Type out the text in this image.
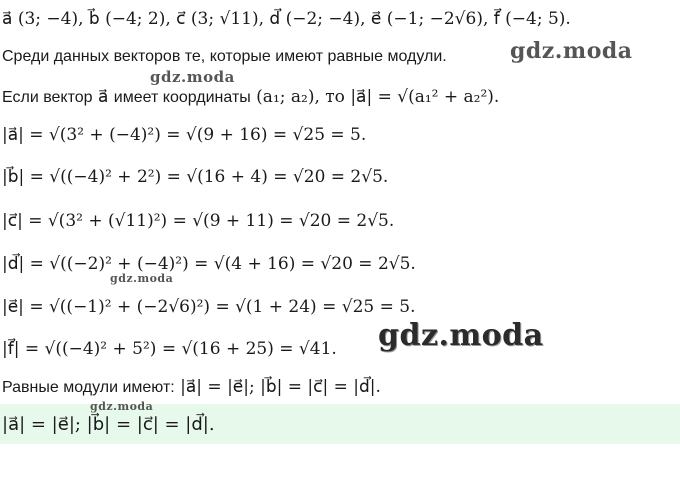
a⃗ (3; −4), b⃗ (−4; 2), c⃗ (3; √11), d⃗ (−2; −4), e⃗ (−1; −2√6), f⃗ (−4; 5).
Среди данных векторов те, которые имеют равные модули.
Если вектор a⃗ имеет координаты (a₁; a₂), то |a⃗| = √(a₁² + a₂²).
|a⃗| = √(3² + (−4)²) = √(9 + 16) = √25 = 5.
|b⃗| = √((−4)² + 2²) = √(16 + 4) = √20 = 2√5.
|c⃗| = √(3² + (√11)²) = √(9 + 11) = √20 = 2√5.
|d⃗| = √((−2)² + (−4)²) = √(4 + 16) = √20 = 2√5.
|e⃗| = √((−1)² + (−2√6)²) = √(1 + 24) = √25 = 5.
|f⃗| = √((−4)² + 5²) = √(16 + 25) = √41.
Равные модули имеют: |a⃗| = |e⃗|; |b⃗| = |c⃗| = |d⃗|.
|a⃗| = |e⃗|; |b⃗| = |c⃗| = |d⃗|.
gdz.moda
gdz.moda
gdz.moda
gdz.moda
gdz.moda
